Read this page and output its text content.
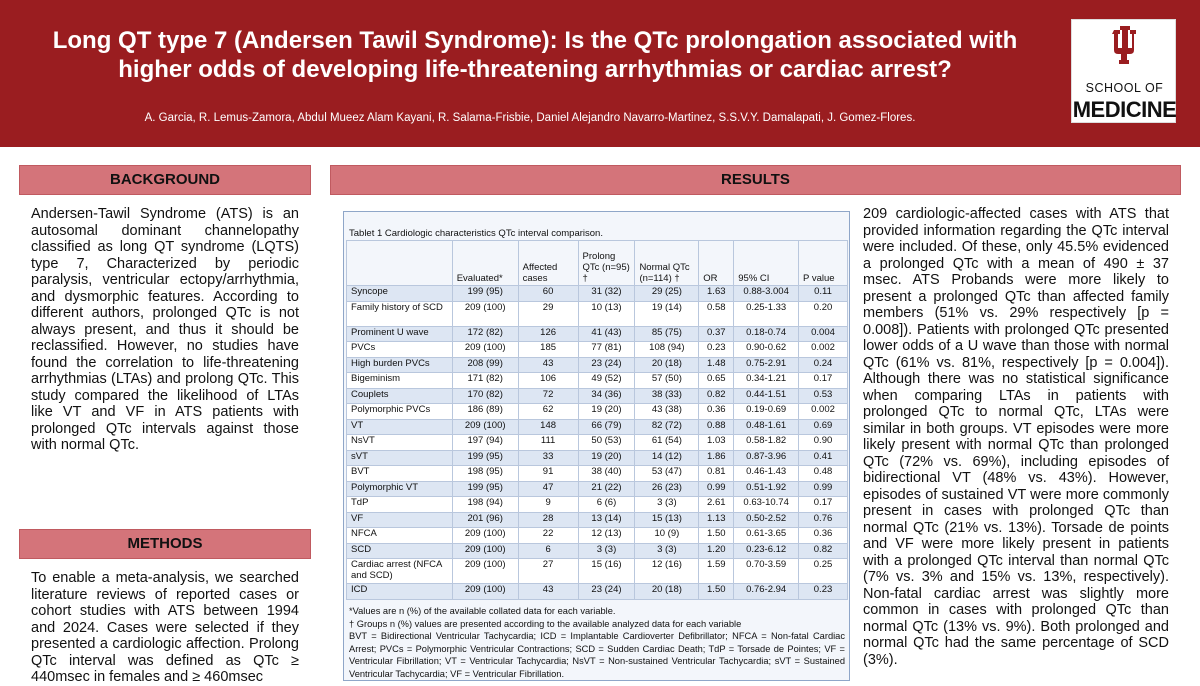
Long QT type 7 (Andersen Tawil Syndrome): Is the QTc prolongation associated with higher odds of developing life-threatening arrhythmias or cardiac arrest?
A. Garcia, R. Lemus-Zamora, Abdul Mueez Alam Kayani, R. Salama-Frisbie, Daniel Alejandro Navarro-Martinez, S.S.V.Y. Damalapati, J. Gomez-Flores.
SCHOOL OF
MEDICINE
BACKGROUND
Andersen-Tawil Syndrome (ATS) is an autosomal dominant channelopathy classified as long QT syndrome (LQTS) type 7, Characterized by periodic paralysis, ventricular ectopy/arrhythmia, and dysmorphic features. According to different authors, prolonged QTc is not always present, and thus it should be reclassified. However, no studies have found the correlation to life-threatening arrhythmias (LTAs) and prolong QTc. This study compared the likelihood of LTAs like VT and VF in ATS patients with prolonged QTc intervals against those with normal QTc.
METHODS
To enable a meta-analysis, we searched literature reviews of reported cases or cohort studies with ATS between 1994 and 2024. Cases were selected if they presented a cardiologic affection. Prolong QTc interval was defined as QTc ≥ 440msec in females and ≥ 460msec
RESULTS
209 cardiologic-affected cases with ATS that provided information regarding the QTc interval were included. Of these, only 45.5% evidenced a prolonged QTc with a mean of 490 ± 37 msec. ATS Probands were more likely to present a prolonged QTc than affected family members (51% vs. 29% respectively [p = 0.008]). Patients with prolonged QTc presented lower odds of a U wave than those with normal QTc (61% vs. 81%, respectively [p = 0.004]). Although there was no statistical significance when comparing LTAs in patients with prolonged QTc to normal QTc, LTAs were similar in both groups. VT episodes were more likely present with normal QTc than prolonged QTc (72% vs. 69%), including episodes of bidirectional VT (48% vs. 43%). However, episodes of sustained VT were more commonly present in cases with prolonged QTc than normal QTc (21% vs. 13%). Torsade de points and VF were more likely present in patients with a prolonged QTc interval than normal QTc (7% vs. 3% and 15% vs. 13%, respectively). Non-fatal cardiac arrest was slightly more common in cases with prolonged QTc than normal QTc (13% vs. 9%). Both prolonged and normal QTc had the same percentage of SCD (3%).
Tablet 1 Cardiologic characteristics QTc interval comparison.
	Evaluated*	Affected cases	Prolong QTc (n=95) †	Normal QTc (n=114) †	OR	95% CI	P value
Syncope	199 (95)	60	31 (32)	29 (25)	1.63	0.88-3.004	0.11
Family history of SCD	209 (100)	29	10 (13)	19 (14)	0.58	0.25-1.33	0.20
Prominent U wave	172 (82)	126	41 (43)	85 (75)	0.37	0.18-0.74	0.004
PVCs	209 (100)	185	77 (81)	108 (94)	0.23	0.90-0.62	0.002
High burden PVCs	208 (99)	43	23 (24)	20 (18)	1.48	0.75-2.91	0.24
Bigeminism	171 (82)	106	49 (52)	57 (50)	0.65	0.34-1.21	0.17
Couplets	170 (82)	72	34 (36)	38 (33)	0.82	0.44-1.51	0.53
Polymorphic PVCs	186 (89)	62	19 (20)	43 (38)	0.36	0.19-0.69	0.002
VT	209 (100)	148	66 (79)	82 (72)	0.88	0.48-1.61	0.69
NsVT	197 (94)	111	50 (53)	61 (54)	1.03	0.58-1.82	0.90
sVT	199 (95)	33	19 (20)	14 (12)	1.86	0.87-3.96	0.41
BVT	198 (95)	91	38 (40)	53 (47)	0.81	0.46-1.43	0.48
Polymorphic VT	199 (95)	47	21 (22)	26 (23)	0.99	0.51-1.92	0.99
TdP	198 (94)	9	6 (6)	3 (3)	2.61	0.63-10.74	0.17
VF	201 (96)	28	13 (14)	15 (13)	1.13	0.50-2.52	0.76
NFCA	209 (100)	22	12 (13)	10 (9)	1.50	0.61-3.65	0.36
SCD	209 (100)	6	3 (3)	3 (3)	1.20	0.23-6.12	0.82
Cardiac arrest (NFCA and SCD)	209 (100)	27	15 (16)	12 (16)	1.59	0.70-3.59	0.25
ICD	209 (100)	43	23 (24)	20 (18)	1.50	0.76-2.94	0.23

*Values are n (%) of the available collated data for each variable.

† Groups n (%) values are presented according to the available analyzed data for each variable

BVT = Bidirectional Ventricular Tachycardia; ICD = Implantable Cardioverter Defibrillator; NFCA = Non-fatal Cardiac Arrest; PVCs = Polymorphic Ventricular Contractions; SCD = Sudden Cardiac Death; TdP = Torsade de Pointes; VF = Ventricular Fibrillation; VT = Ventricular Tachycardia; NsVT = Non-sustained Ventricular Tachycardia; sVT = Sustained Ventricular Tachycardia; VF = Ventricular Fibrillation.
